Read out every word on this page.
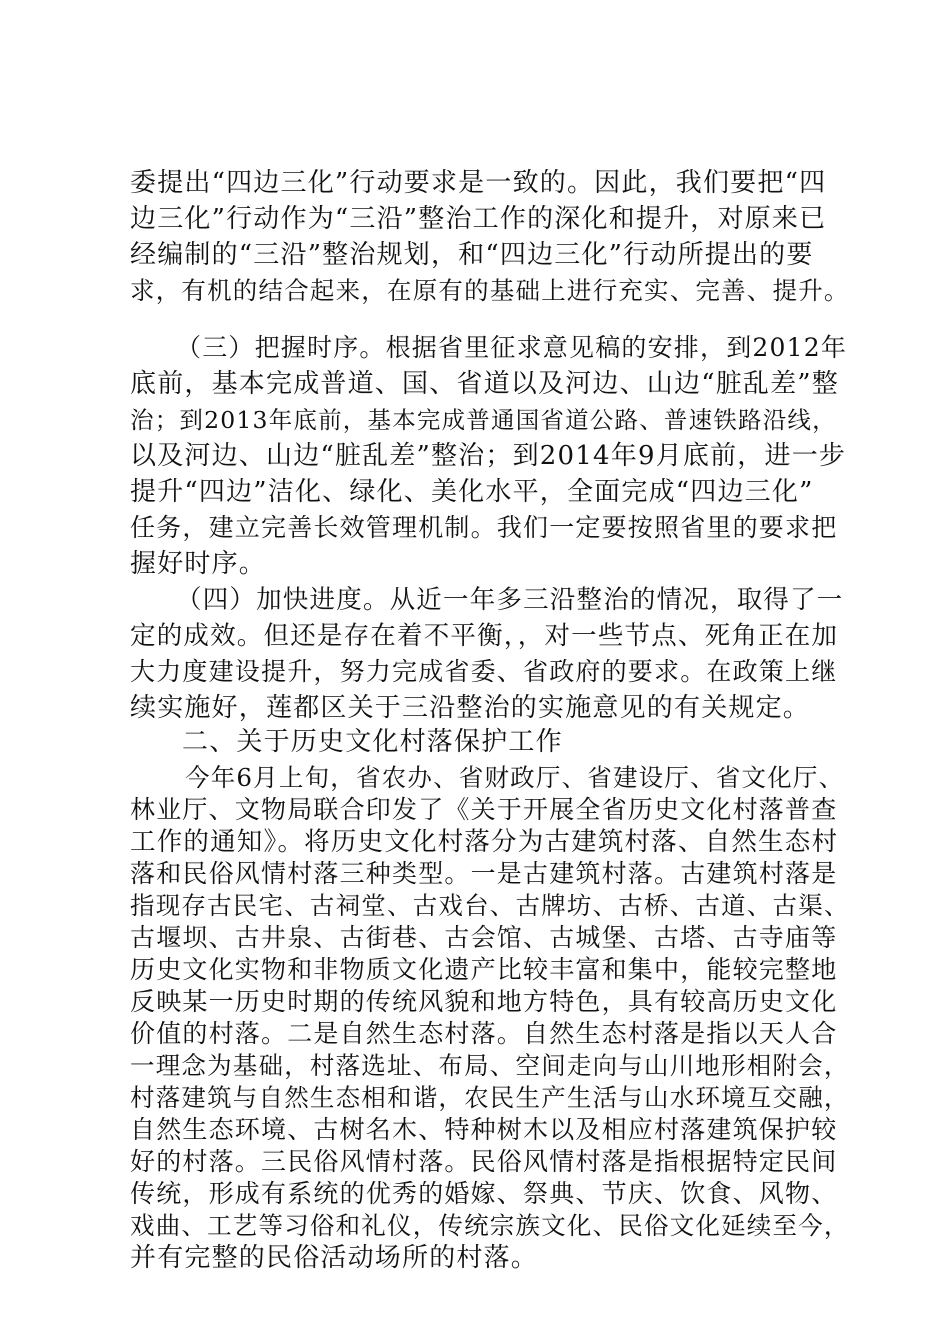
委提出“四边三化”行动要求是一致的。因此，我们要把“四
边三化”行动作为“三沿”整治工作的深化和提升，对原来已
经编制的“三沿”整治规划，和“四边三化”行动所提出的要
求，有机的结合起来，在原有的基础上进行充实、完善、提升。
（三）把握时序。根据省里征求意见稿的安排，到2012年
底前，基本完成普道、国、省道以及河边、山边“脏乱差”整
治；到2013年底前，基本完成普通国省道公路、普速铁路沿线，
以及河边、山边“脏乱差”整治；到2014年9月底前，进一步
提升“四边”洁化、绿化、美化水平，全面完成“四边三化”
任务，建立完善长效管理机制。我们一定要按照省里的要求把
握好时序。
（四）加快进度。从近一年多三沿整治的情况，取得了一
定的成效。但还是存在着不平衡，，对一些节点、死角正在加
大力度建设提升，努力完成省委、省政府的要求。在政策上继
续实施好，莲都区关于三沿整治的实施意见的有关规定。
二、关于历史文化村落保护工作
今年6月上旬，省农办、省财政厅、省建设厅、省文化厅、
林业厅、文物局联合印发了《关于开展全省历史文化村落普查
工作的通知》。将历史文化村落分为古建筑村落、自然生态村
落和民俗风情村落三种类型。一是古建筑村落。古建筑村落是
指现存古民宅、古祠堂、古戏台、古牌坊、古桥、古道、古渠、
古堰坝、古井泉、古街巷、古会馆、古城堡、古塔、古寺庙等
历史文化实物和非物质文化遗产比较丰富和集中，能较完整地
反映某一历史时期的传统风貌和地方特色，具有较高历史文化
价值的村落。二是自然生态村落。自然生态村落是指以天人合
一理念为基础，村落选址、布局、空间走向与山川地形相附会，
村落建筑与自然生态相和谐，农民生产生活与山水环境互交融，
自然生态环境、古树名木、特种树木以及相应村落建筑保护较
好的村落。三民俗风情村落。民俗风情村落是指根据特定民间
传统，形成有系统的优秀的婚嫁、祭典、节庆、饮食、风物、
戏曲、工艺等习俗和礼仪，传统宗族文化、民俗文化延续至今，
并有完整的民俗活动场所的村落。
